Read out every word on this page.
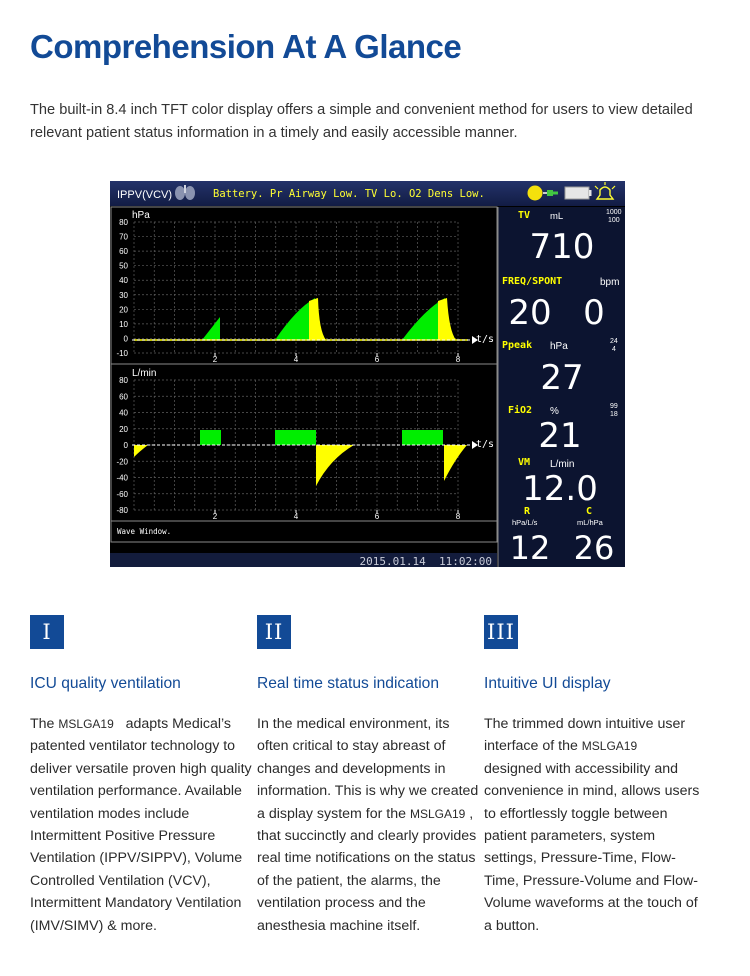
Comprehension At A Glance

The built-in 8.4 inch TFT color display offers a simple and convenient method for users to view detailed relevant patient status information in a timely and easily accessible manner.

IPPV(VCV)	Battery. Pr Airway Low. TV Lo. O2 Dens Low.
hPa
80
70
60
50
40
30
20
10
0
-10
2	4	6	8
t/s
L/min
80
60
40
20
0
-20
-40
-60
-80
2	4	6	8
t/s
Wave Window.
2015.01.14  11:02:00
TV mL	1000
100
710
FREQ/SPONT	bpm
20 0
Ppeak hPa	24
4
27
FiO2 %	99
18
21
VM L/min
12.0
R	C
hPa/L/s	mL/hPa
12 26
I
ICU quality ventilation

The MSLGA19   adapts Medical’s patented ventilator technology to deliver versatile proven high quality ventilation performance. Available ventilation modes include Intermittent Positive Pressure Ventilation (IPPV/SIPPV), Volume Controlled Ventilation (VCV), Intermittent Mandatory Ventilation (IMV/SIMV) & more.

II
Real time status indication

In the medical environment, its often critical to stay abreast of changes and developments in information. This is why we created a display system for the MSLGA19 , that succinctly and clearly provides real time notifications on the status of the patient, the alarms, the ventilation process and the anesthesia machine itself.

III
Intuitive UI display

The trimmed down intuitive user interface of the MSLGA19        designed with accessibility and convenience in mind, allows users to effortlessly toggle between patient parameters, system settings, Pressure-Time, Flow-Time, Pressure-Volume and Flow-Volume waveforms at the touch of a button.
